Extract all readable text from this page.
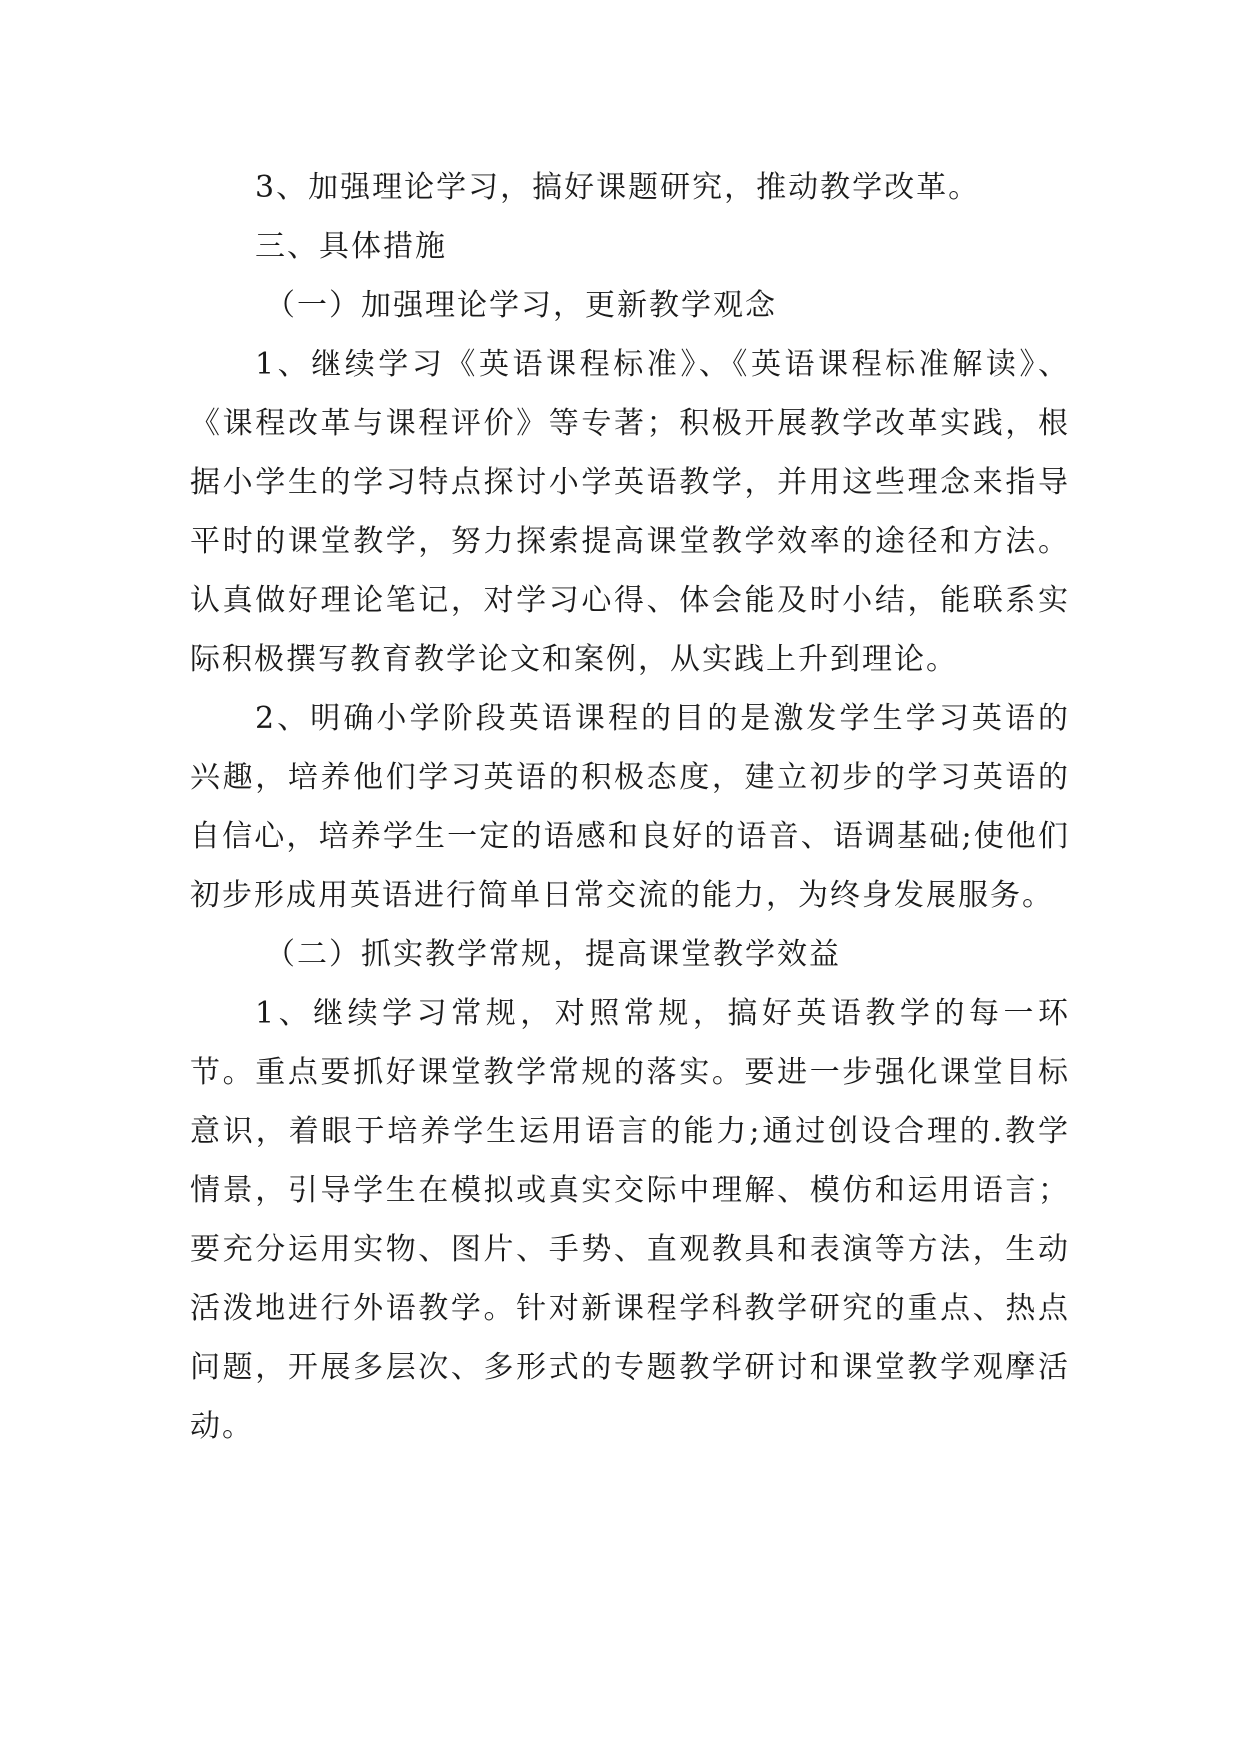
3、加强理论学习，搞好课题研究，推动教学改革。

三、具体措施

（一）加强理论学习，更新教学观念

1、继续学习《英语课程标准》、《英语课程标准解读》、《课程改革与课程评价》等专著；积极开展教学改革实践，根据小学生的学习特点探讨小学英语教学，并用这些理念来指导平时的课堂教学，努力探索提高课堂教学效率的途径和方法。认真做好理论笔记，对学习心得、体会能及时小结，能联系实际积极撰写教育教学论文和案例，从实践上升到理论。

2、明确小学阶段英语课程的目的是激发学生学习英语的兴趣，培养他们学习英语的积极态度，建立初步的学习英语的自信心，培养学生一定的语感和良好的语音、语调基础;使他们初步形成用英语进行简单日常交流的能力，为终身发展服务。

（二）抓实教学常规，提高课堂教学效益

1、继续学习常规，对照常规，搞好英语教学的每一环节。重点要抓好课堂教学常规的落实。要进一步强化课堂目标意识，着眼于培养学生运用语言的能力;通过创设合理的.教学情景，引导学生在模拟或真实交际中理解、模仿和运用语言；要充分运用实物、图片、手势、直观教具和表演等方法，生动活泼地进行外语教学。针对新课程学科教学研究的重点、热点问题，开展多层次、多形式的专题教学研讨和课堂教学观摩活动。
